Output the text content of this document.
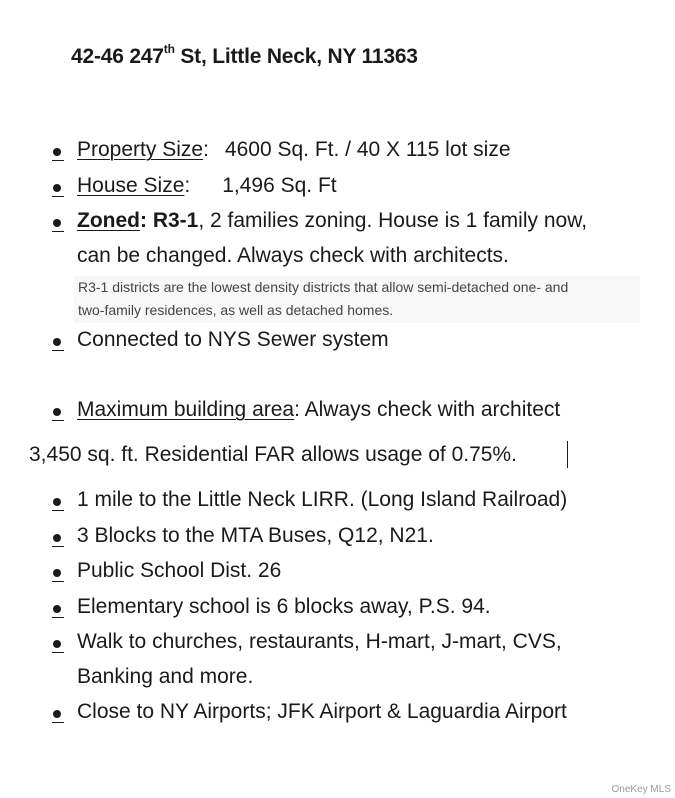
42-46 247th St, Little Neck, NY 11363
Property Size: 4600 Sq. Ft. / 40 X 115 lot size
House Size: 1,496 Sq. Ft
Zoned: R3-1, 2 families zoning. House is 1 family now,
can be changed. Always check with architects.
R3-1 districts are the lowest density districts that allow semi-detached one- and
two-family residences, as well as detached homes.
Connected to NYS Sewer system
Maximum building area: Always check with architect
3,450 sq. ft. Residential FAR allows usage of 0.75%.
1 mile to the Little Neck LIRR. (Long Island Railroad)
3 Blocks to the MTA Buses, Q12, N21.
Public School Dist. 26
Elementary school is 6 blocks away, P.S. 94.
Walk to churches, restaurants, H-mart, J-mart, CVS,
Banking and more.
Close to NY Airports; JFK Airport & Laguardia Airport
OneKey MLS
